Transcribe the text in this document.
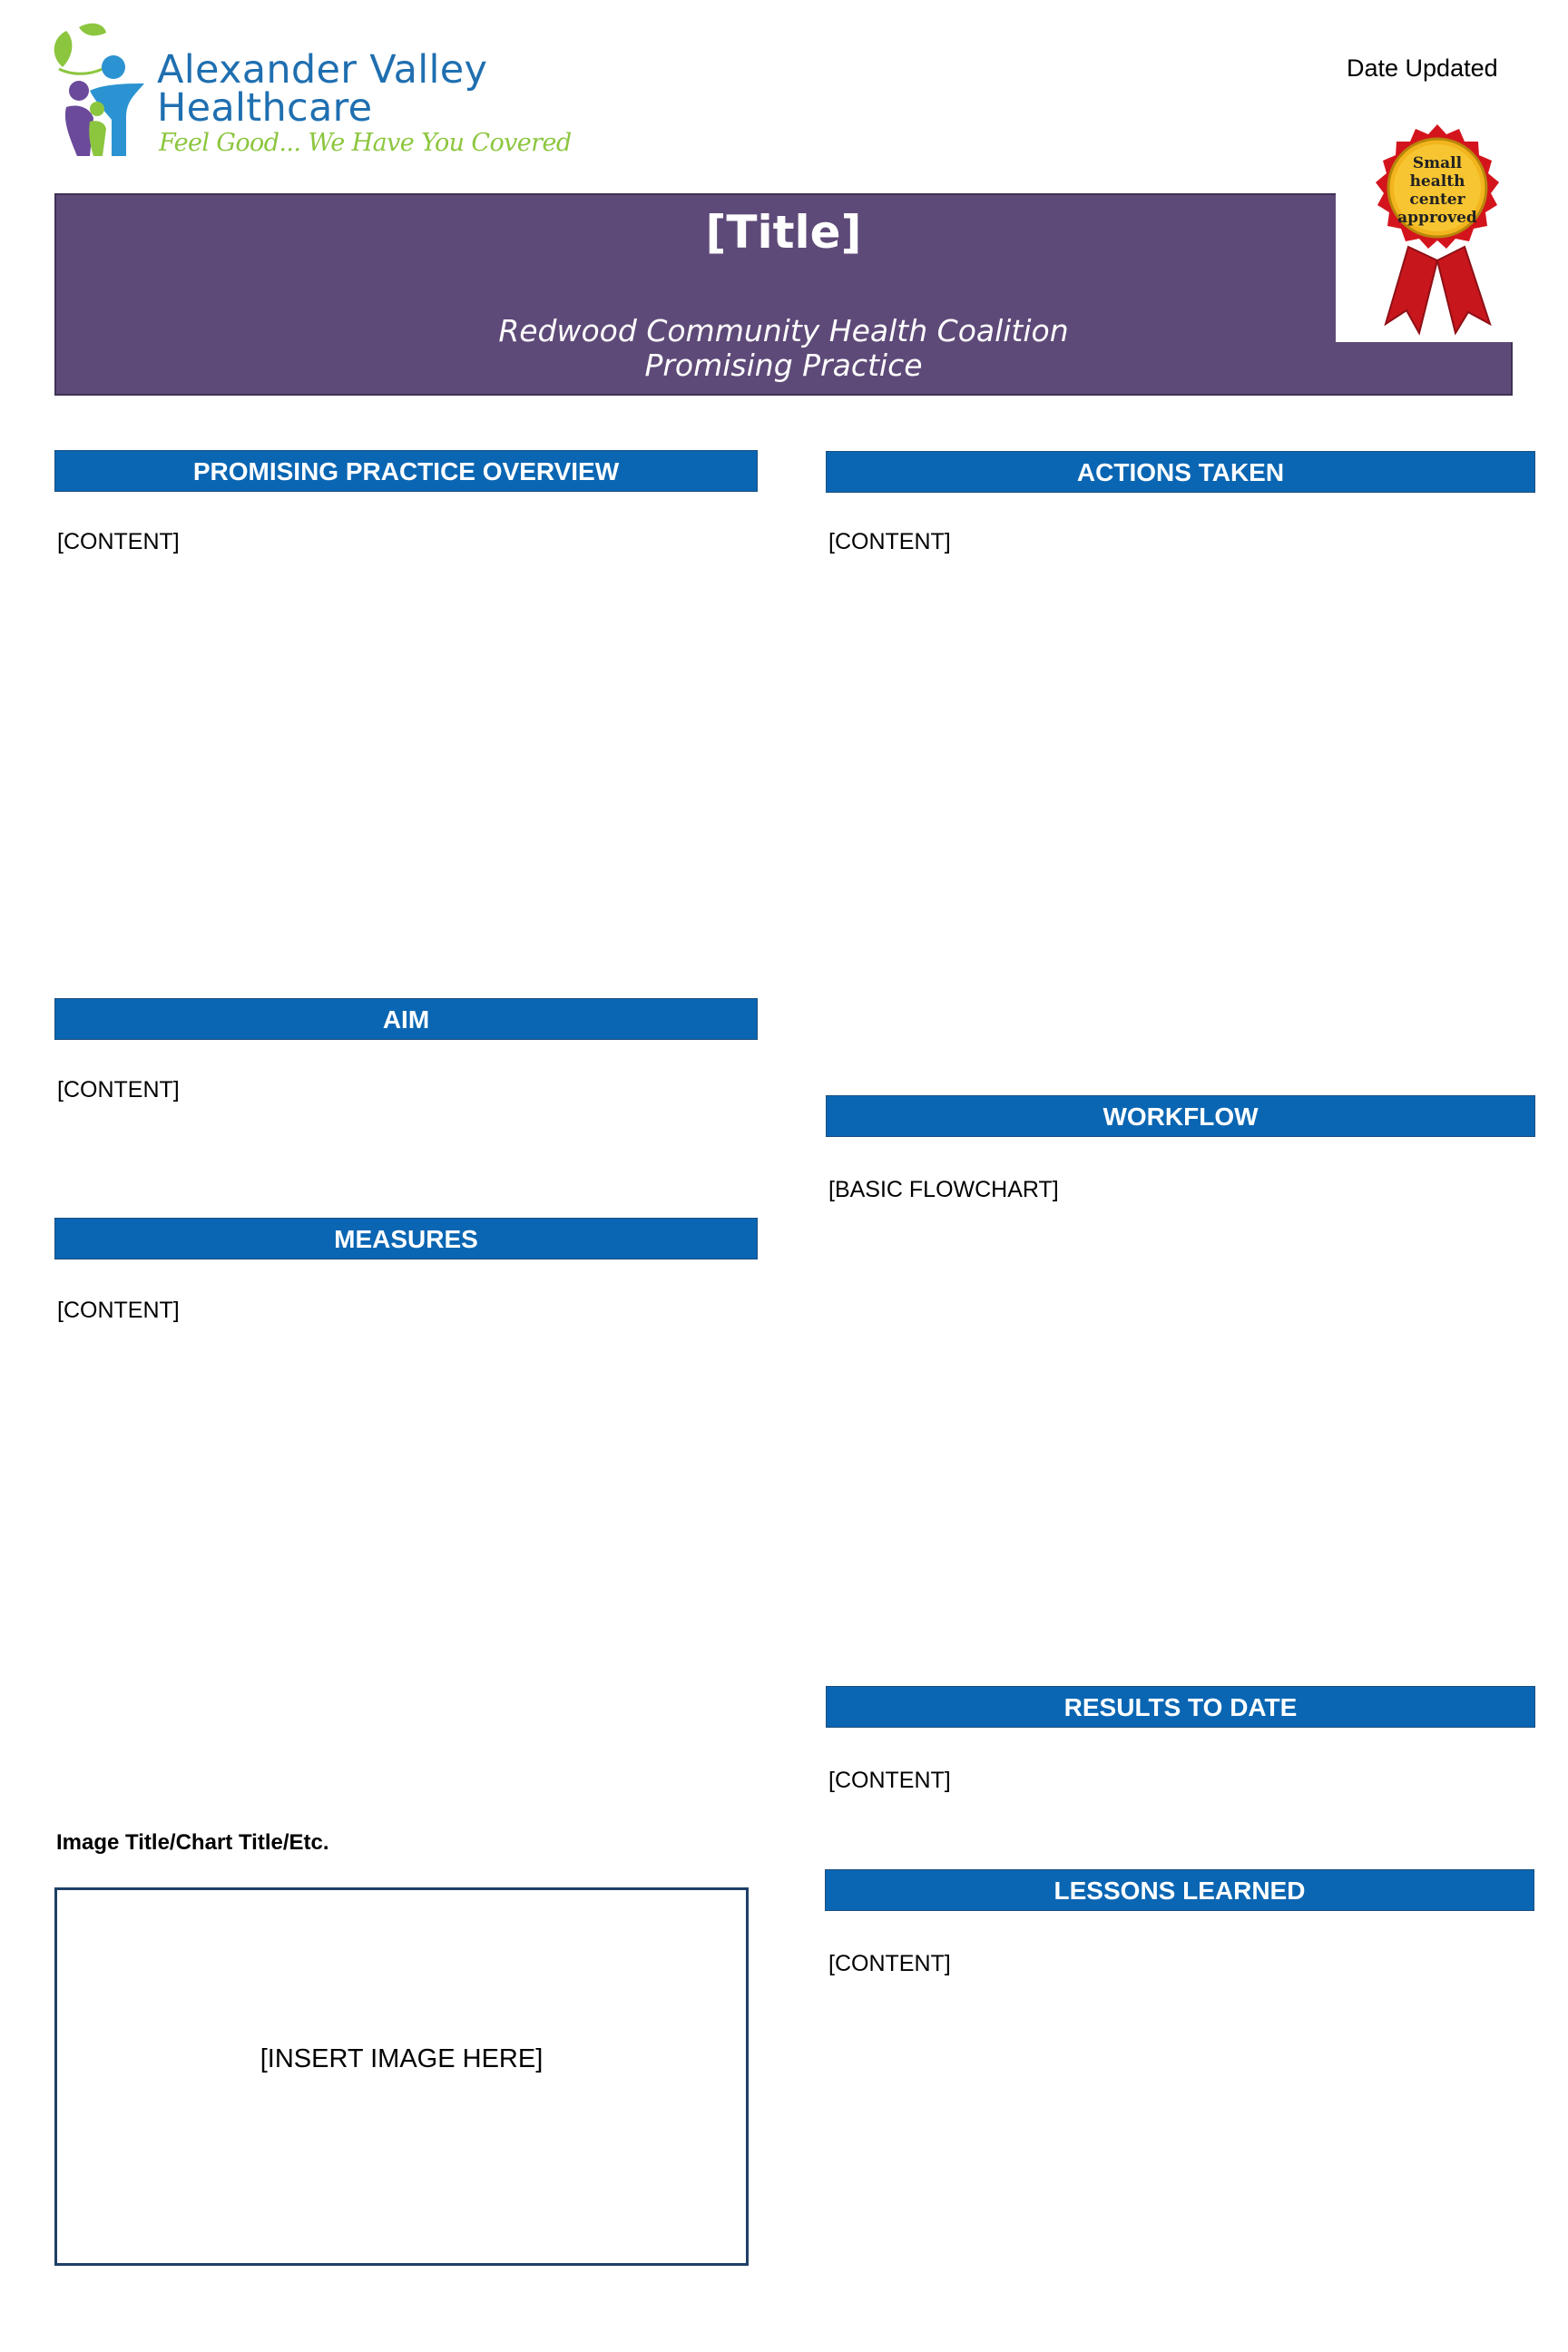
Alexander Valley
Healthcare
Feel Good... We Have You Covered
Date Updated
[Title]
Redwood Community Health Coalition
Promising Practice
Small
health
center
approved
PROMISING PRACTICE OVERVIEW
[CONTENT]
AIM
[CONTENT]
MEASURES
[CONTENT]
Image Title/Chart Title/Etc.
[INSERT IMAGE HERE]
ACTIONS TAKEN
[CONTENT]
WORKFLOW
[BASIC FLOWCHART]
RESULTS TO DATE
[CONTENT]
LESSONS LEARNED
[CONTENT]
